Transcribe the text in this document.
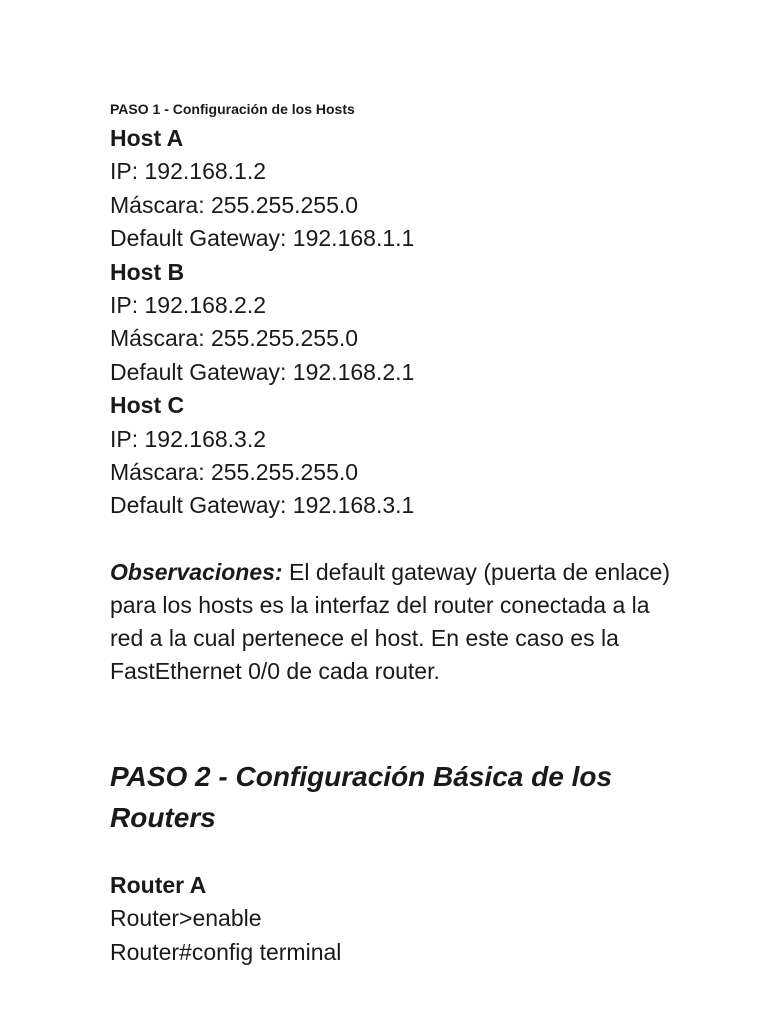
PASO 1 - Configuración de los Hosts
Host A
IP: 192.168.1.2
Máscara: 255.255.255.0
Default Gateway: 192.168.1.1
Host B
IP: 192.168.2.2
Máscara: 255.255.255.0
Default Gateway: 192.168.2.1
Host C
IP: 192.168.3.2
Máscara: 255.255.255.0
Default Gateway: 192.168.3.1

Observaciones: El default gateway (puerta de enlace) para los hosts es la interfaz del router conectada a la red a la cual pertenece el host. En este caso es la FastEthernet 0/0 de cada router.

PASO 2 - Configuración Básica de los Routers
Router A
Router>enable
Router#config terminal
